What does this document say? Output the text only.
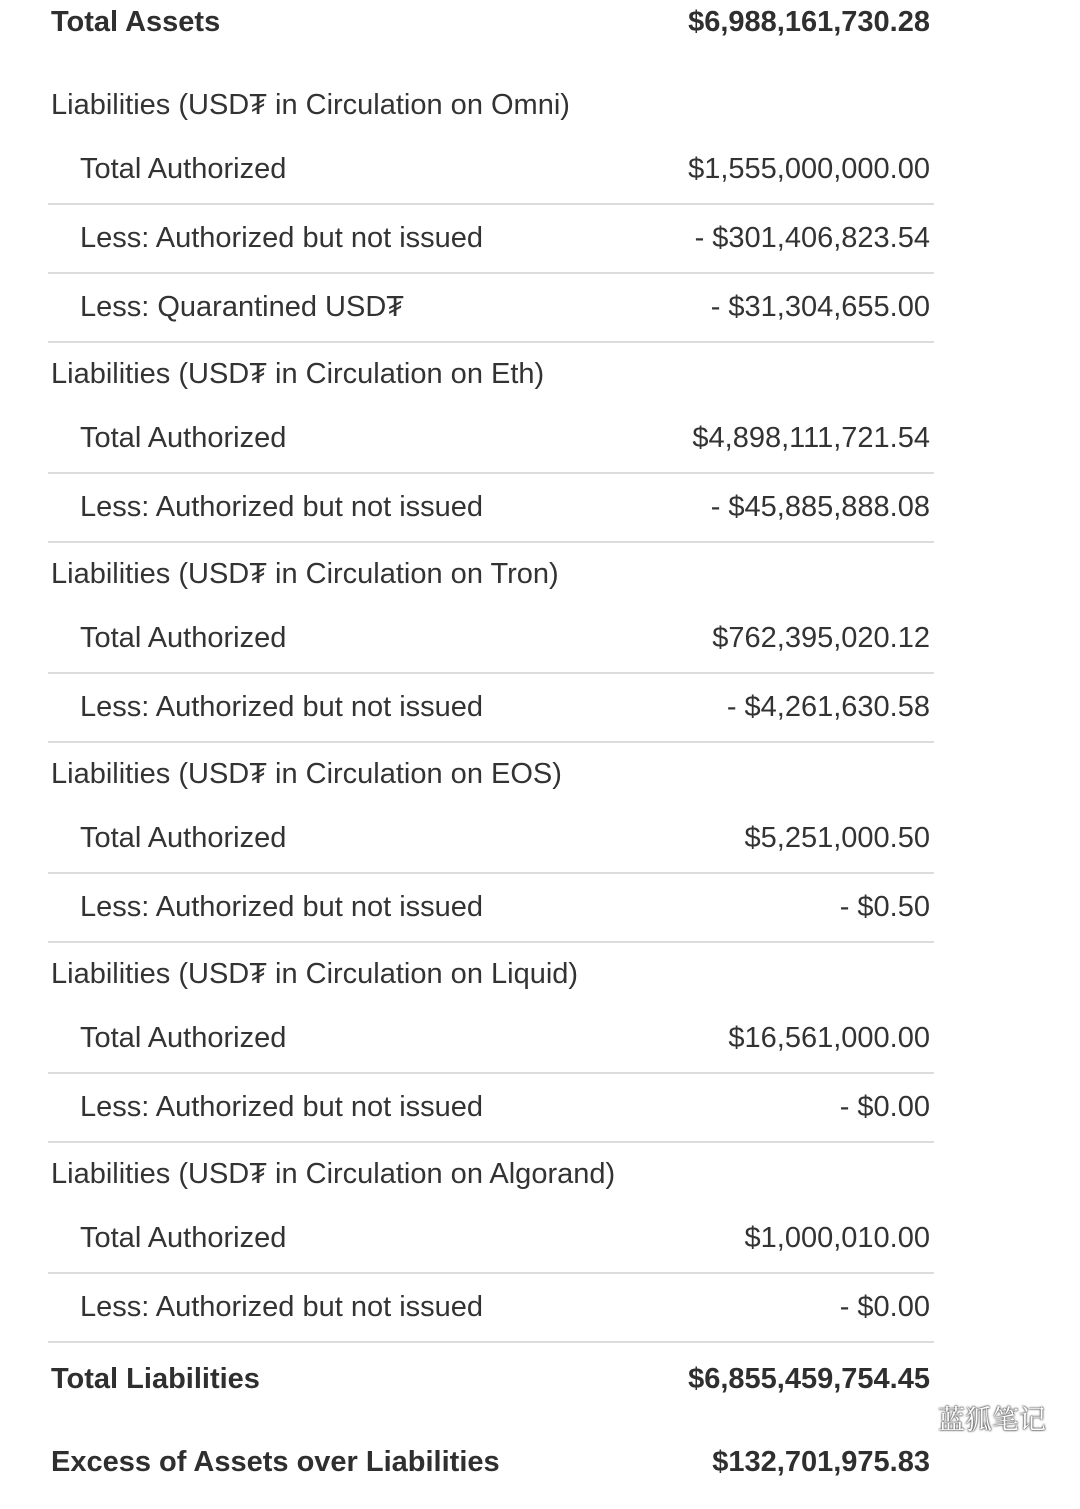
Total Assets	$6,988,161,730.28
Liabilities (USD₮ in Circulation on Omni)
Total Authorized	$1,555,000,000.00
Less: Authorized but not issued	- $301,406,823.54
Less: Quarantined USD₮	- $31,304,655.00
Liabilities (USD₮ in Circulation on Eth)
Total Authorized	$4,898,111,721.54
Less: Authorized but not issued	- $45,885,888.08
Liabilities (USD₮ in Circulation on Tron)
Total Authorized	$762,395,020.12
Less: Authorized but not issued	- $4,261,630.58
Liabilities (USD₮ in Circulation on EOS)
Total Authorized	$5,251,000.50
Less: Authorized but not issued	- $0.50
Liabilities (USD₮ in Circulation on Liquid)
Total Authorized	$16,561,000.00
Less: Authorized but not issued	- $0.00
Liabilities (USD₮ in Circulation on Algorand)
Total Authorized	$1,000,010.00
Less: Authorized but not issued	- $0.00
Total Liabilities	$6,855,459,754.45
Excess of Assets over Liabilities	$132,701,975.83
蓝狐笔记
